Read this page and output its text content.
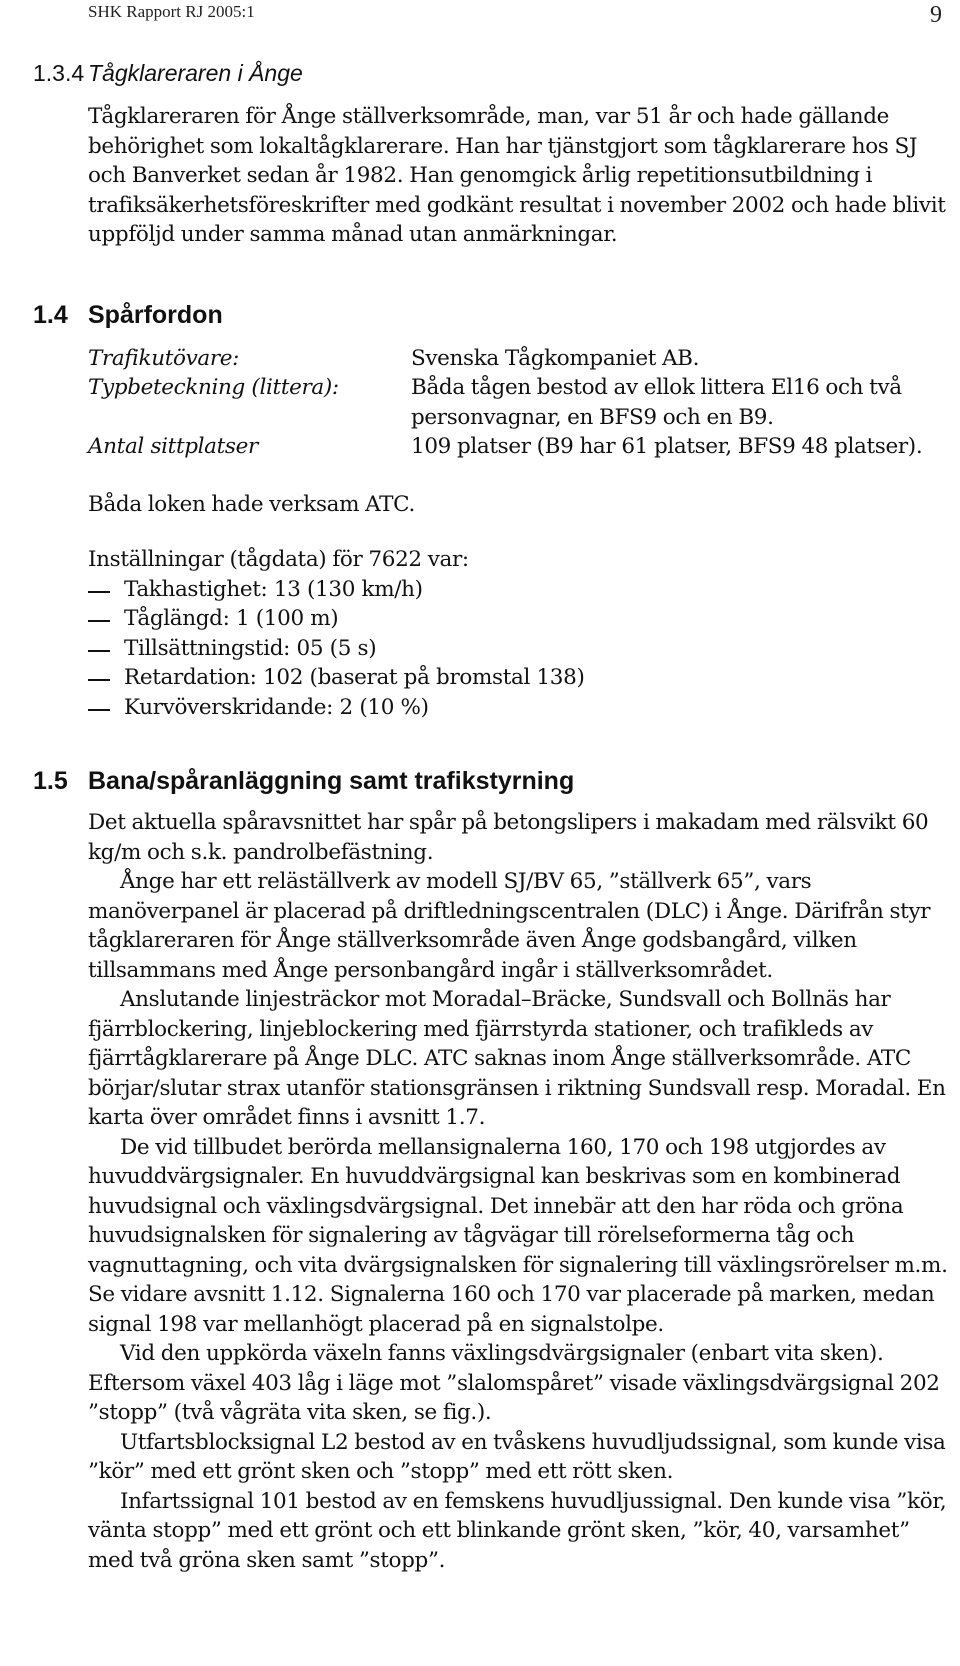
SHK Rapport RJ 2005:1	9
1.3.4 Tågklareraren i Ånge

Tågklareraren för Ånge ställverksområde, man, var 51 år och hade gällande behörighet som lokaltågklarerare. Han har tjänstgjort som tågklarerare hos SJ och Banverket sedan år 1982. Han genomgick årlig repetitionsutbildning i trafiksäkerhetsföreskrifter med godkänt resultat i november 2002 och hade blivit uppföljd under samma månad utan anmärkningar.

1.4 Spårfordon
Trafikutövare:	Svenska Tågkompaniet AB.
Typbeteckning (littera):	Båda tågen bestod av ellok littera El16 och två personvagnar, en BFS9 och en B9.
Antal sittplatser	109 platser (B9 har 61 platser, BFS9 48 platser).

Båda loken hade verksam ATC.

Inställningar (tågdata) för 7622 var:

Takhastighet: 13 (130 km/h)
Tåglängd: 1 (100 m)
Tillsättningstid: 05 (5 s)
Retardation: 102 (baserat på bromstal 138)
Kurvöverskridande: 2 (10 %)
1.5 Bana/spåranläggning samt trafikstyrning

Det aktuella spåravsnittet har spår på betongslipers i makadam med rälsvikt 60 kg/m och s.k. pandrolbefästning.

Ånge har ett reläställverk av modell SJ/BV 65, ”ställverk 65”, vars manöverpanel är placerad på driftledningscentralen (DLC) i Ånge. Därifrån styr tågklareraren för Ånge ställverksområde även Ånge godsbangård, vilken tillsammans med Ånge personbangård ingår i ställverksområdet.

Anslutande linjesträckor mot Moradal–Bräcke, Sundsvall och Bollnäs har fjärrblockering, linjeblockering med fjärrstyrda stationer, och trafikleds av fjärrtågklarerare på Ånge DLC. ATC saknas inom Ånge ställverksområde. ATC börjar/slutar strax utanför stationsgränsen i riktning Sundsvall resp. Moradal. En karta över området finns i avsnitt 1.7.

De vid tillbudet berörda mellansignalerna 160, 170 och 198 utgjordes av huvuddvärgsignaler. En huvuddvärgsignal kan beskrivas som en kombinerad huvudsignal och växlingsdvärgsignal. Det innebär att den har röda och gröna huvudsignalsken för signalering av tågvägar till rörelseformerna tåg och vagnuttagning, och vita dvärgsignalsken för signalering till växlingsrörelser m.m. Se vidare avsnitt 1.12. Signalerna 160 och 170 var placerade på marken, medan signal 198 var mellanhögt placerad på en signalstolpe.

Vid den uppkörda växeln fanns växlingsdvärgsignaler (enbart vita sken). Eftersom växel 403 låg i läge mot ”slalomspåret” visade växlingsdvärgsignal 202 ”stopp” (två vågräta vita sken, se fig.).

Utfartsblocksignal L2 bestod av en tvåskens huvudljudssignal, som kunde visa ”kör” med ett grönt sken och ”stopp” med ett rött sken.

Infartssignal 101 bestod av en femskens huvudljussignal. Den kunde visa ”kör, vänta stopp” med ett grönt och ett blinkande grönt sken, ”kör, 40, varsamhet” med två gröna sken samt ”stopp”.
